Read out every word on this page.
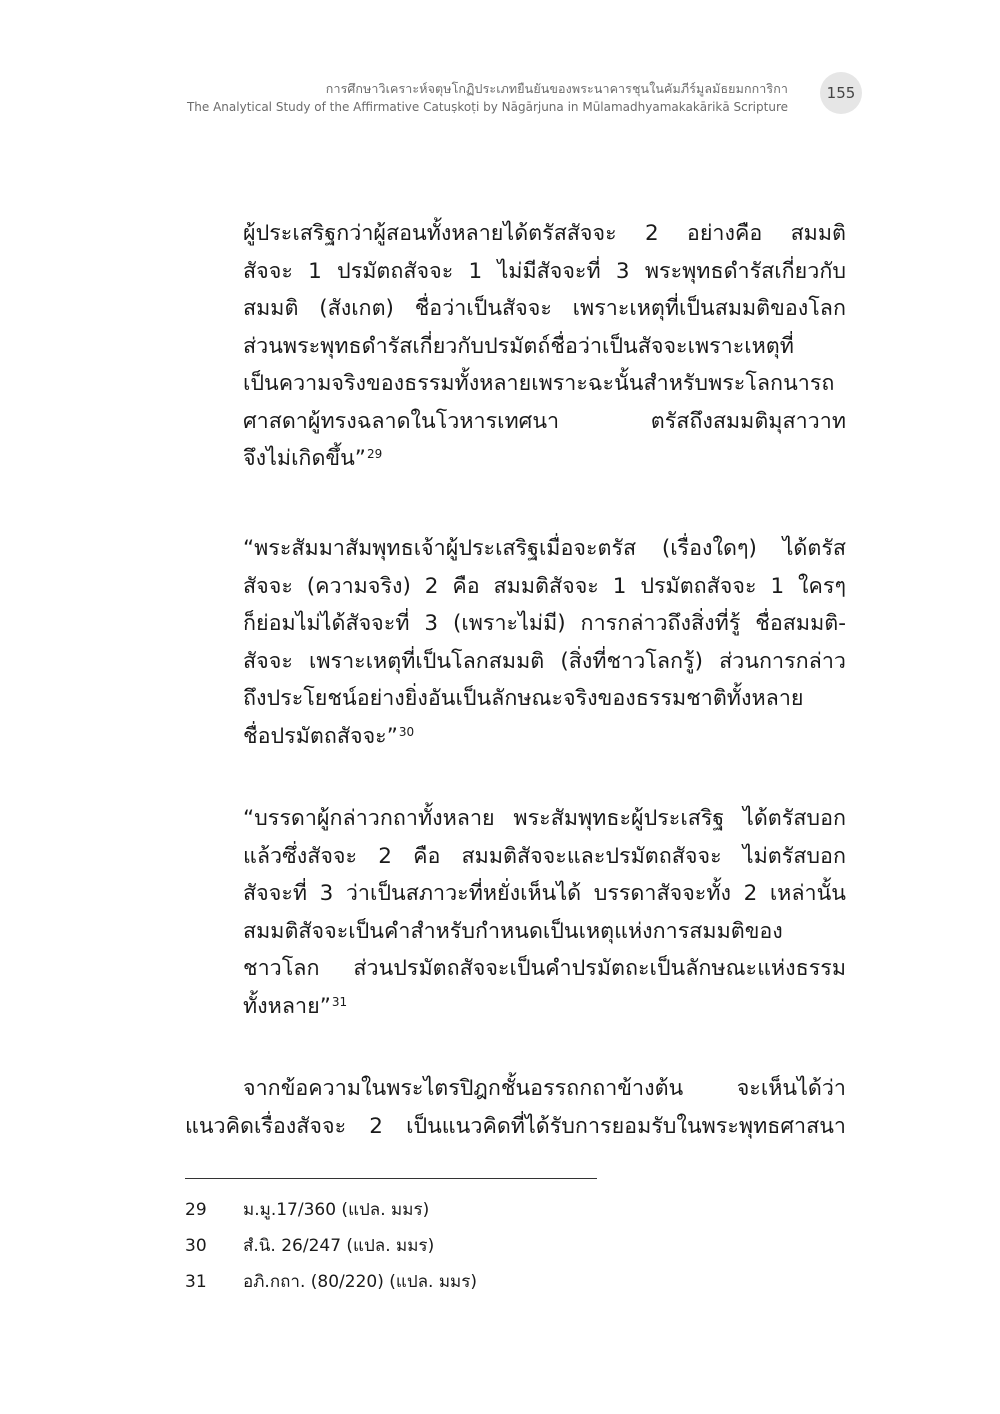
การศึกษาวิเคราะห์จตุษโกฏิประเภทยืนยันของพระนาคารชุนในคัมภีร์มูลมัธยมกการิกา
The Analytical Study of the Affirmative Catuṣkoṭi by Nāgārjuna in Mūlamadhyamakakārikā Scripture
155
ผู้ประเสริฐกว่าผู้สอนทั้งหลายได้ตรัสสัจจะ 2 อย่างคือ สมมติ
สัจจะ 1 ปรมัตถสัจจะ 1 ไม่มีสัจจะที่ 3 พระพุทธดำรัสเกี่ยวกับ
สมมติ (สังเกต) ชื่อว่าเป็นสัจจะ เพราะเหตุที่เป็นสมมติของโลก
ส่วนพระพุทธดำรัสเกี่ยวกับปรมัตถ์ชื่อว่าเป็นสัจจะเพราะเหตุที่
เป็นความจริงของธรรมทั้งหลายเพราะฉะนั้นสำหรับพระโลกนารถ
ศาสดาผู้ทรงฉลาดในโวหารเทศนา ตรัสถึงสมมติมุสาวาท
จึงไม่เกิดขึ้น”$^{29}$
“พระสัมมาสัมพุทธเจ้าผู้ประเสริฐเมื่อจะตรัส (เรื่องใดๆ) ได้ตรัส
สัจจะ (ความจริง) 2 คือ สมมติสัจจะ 1 ปรมัตถสัจจะ 1 ใครๆ
ก็ย่อมไม่ได้สัจจะที่ 3 (เพราะไม่มี) การกล่าวถึงสิ่งที่รู้ ชื่อสมมติ-
สัจจะ เพราะเหตุที่เป็นโลกสมมติ (สิ่งที่ชาวโลกรู้) ส่วนการกล่าว
ถึงประโยชน์อย่างยิ่งอันเป็นลักษณะจริงของธรรมชาติทั้งหลาย
ชื่อปรมัตถสัจจะ”$^{30}$
“บรรดาผู้กล่าวกถาทั้งหลาย พระสัมพุทธะผู้ประเสริฐ ได้ตรัสบอก
แล้วซึ่งสัจจะ 2 คือ สมมติสัจจะและปรมัตถสัจจะ ไม่ตรัสบอก
สัจจะที่ 3 ว่าเป็นสภาวะที่หยั่งเห็นได้ บรรดาสัจจะทั้ง 2 เหล่านั้น
สมมติสัจจะเป็นคำสำหรับกำหนดเป็นเหตุแห่งการสมมติของ
ชาวโลก ส่วนปรมัตถสัจจะเป็นคำปรมัตถะเป็นลักษณะแห่งธรรม
ทั้งหลาย”$^{31}$
จากข้อความในพระไตรปิฎกชั้นอรรถกถาข้างต้น จะเห็นได้ว่า
แนวคิดเรื่องสัจจะ 2 เป็นแนวคิดที่ได้รับการยอมรับในพระพุทธศาสนา
29	ม.มู.17/360 (แปล. มมร)
30	สํ.นิ. 26/247 (แปล. มมร)
31	อภิ.กถา. (80/220) (แปล. มมร)
